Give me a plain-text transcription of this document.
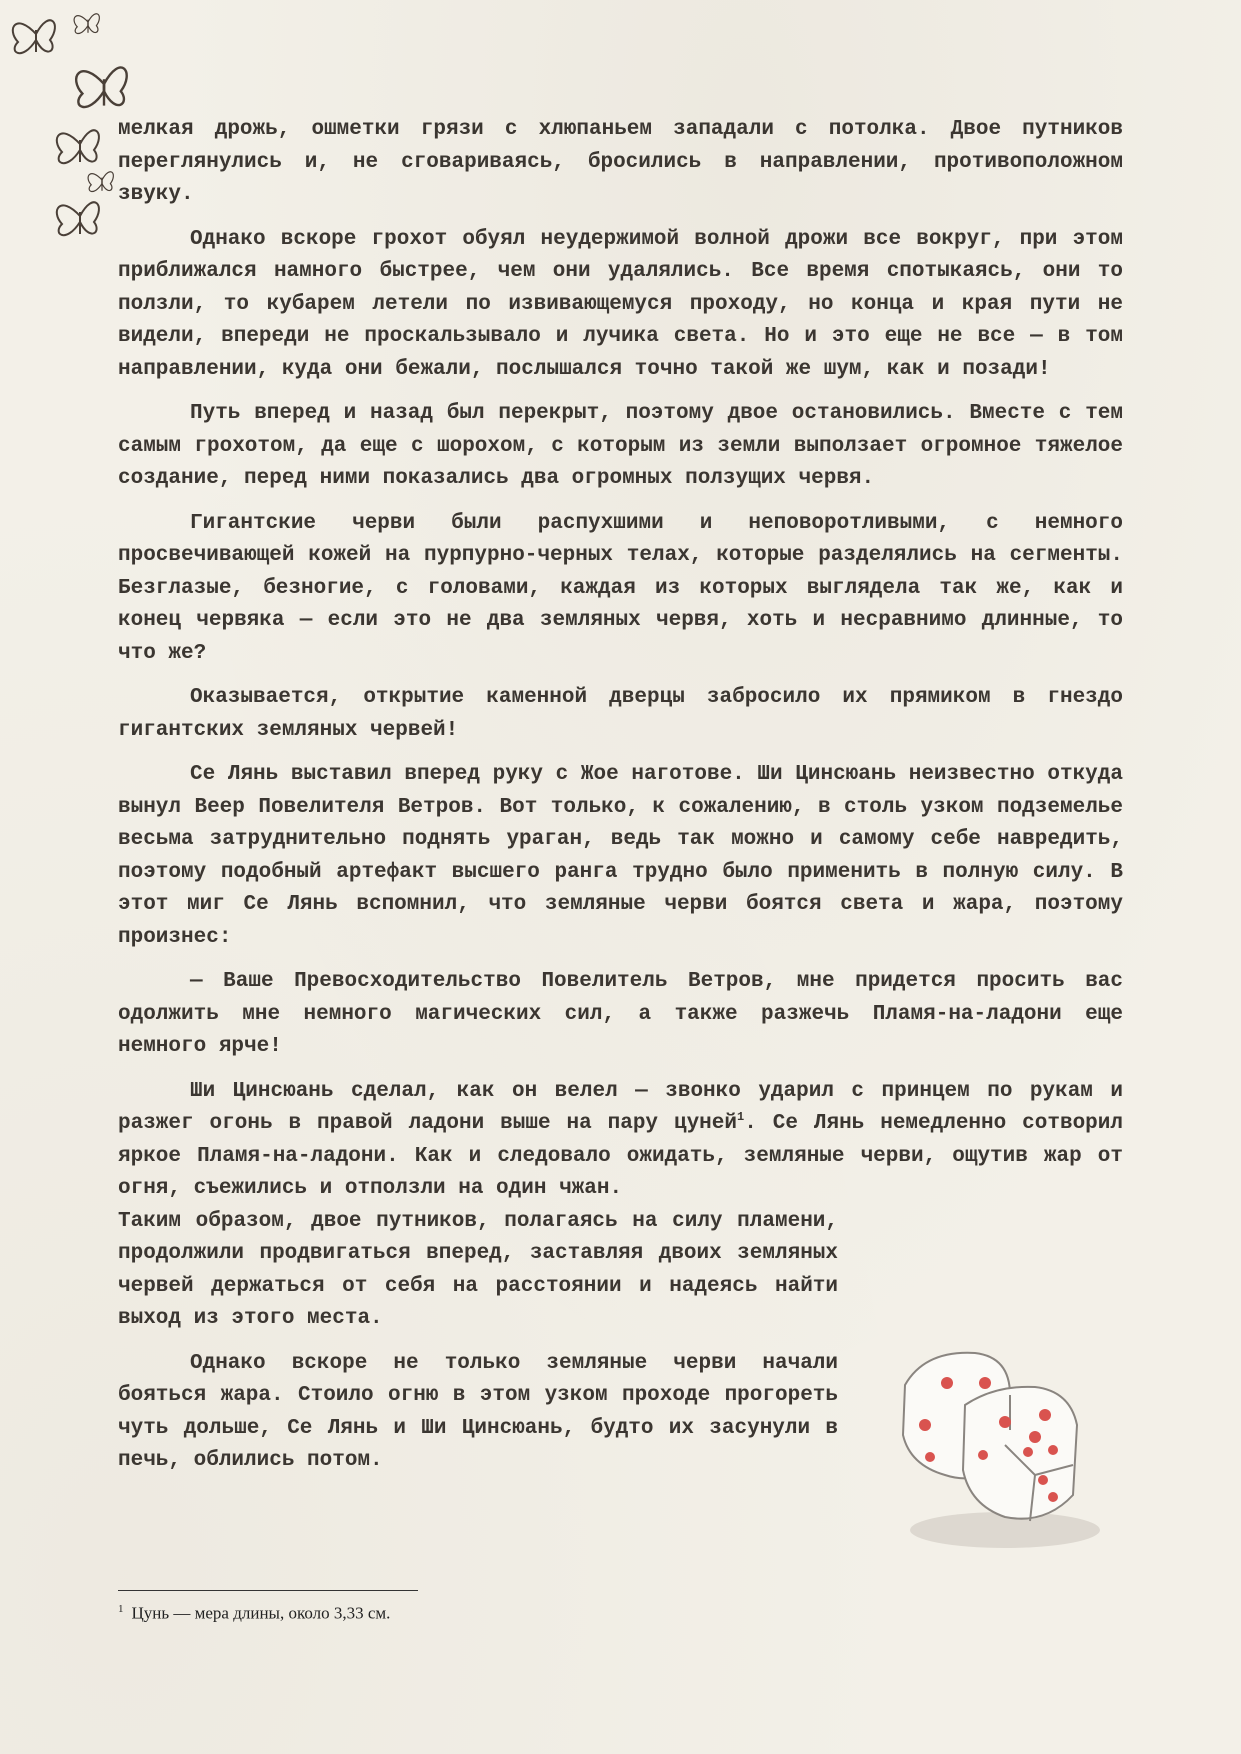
мелкая дрожь, ошметки грязи с хлюпаньем западали с потолка. Двое путников переглянулись и, не сговариваясь, бросились в направлении, противоположном звуку.

Однако вскоре грохот обуял неудержимой волной дрожи все вокруг, при этом приближался намного быстрее, чем они удалялись. Все время спотыкаясь, они то ползли, то кубарем летели по извивающемуся проходу, но конца и края пути не видели, впереди не проскальзывало и лучика света. Но и это еще не все — в том направлении, куда они бежали, послышался точно такой же шум, как и позади!

Путь вперед и назад был перекрыт, поэтому двое остановились. Вместе с тем самым грохотом, да еще с шорохом, с которым из земли выползает огромное тяжелое создание, перед ними показались два огромных ползущих червя.

Гигантские черви были распухшими и неповоротливыми, с немного просвечивающей кожей на пурпурно-черных телах, которые разделялись на сегменты. Безглазые, безногие, с головами, каждая из которых выглядела так же, как и конец червяка — если это не два земляных червя, хоть и несравнимо длинные, то что же?

Оказывается, открытие каменной дверцы забросило их прямиком в гнездо гигантских земляных червей!

Се Лянь выставил вперед руку с Жое наготове. Ши Цинсюань неизвестно откуда вынул Веер Повелителя Ветров. Вот только, к сожалению, в столь узком подземелье весьма затруднительно поднять ураган, ведь так можно и самому себе навредить, поэтому подобный артефакт высшего ранга трудно было применить в полную силу. В этот миг Се Лянь вспомнил, что земляные черви боятся света и жара, поэтому произнес:

— Ваше Превосходительство Повелитель Ветров, мне придется просить вас одолжить мне немного магических сил, а также разжечь Пламя-на-ладони еще немного ярче!

Ши Цинсюань сделал, как он велел — звонко ударил с принцем по рукам и разжег огонь в правой ладони выше на пару цуней$^1$. Се Лянь немедленно сотворил яркое Пламя-на-ладони. Как и следовало ожидать, земляные черви, ощутив жар от огня, съежились и отползли на один чжан.

Таким образом, двое путников, полагаясь на силу пламени, продолжили продвигаться вперед, заставляя двоих земляных червей держаться от себя на расстоянии и надеясь найти выход из этого места.

Однако вскоре не только земляные черви начали бояться жара. Стоило огню в этом узком проходе прогореть чуть дольше, Се Лянь и Ши Цинсюань, будто их засунули в печь, облились потом.

$^1$ Цунь — мера длины, около 3,33 см.
